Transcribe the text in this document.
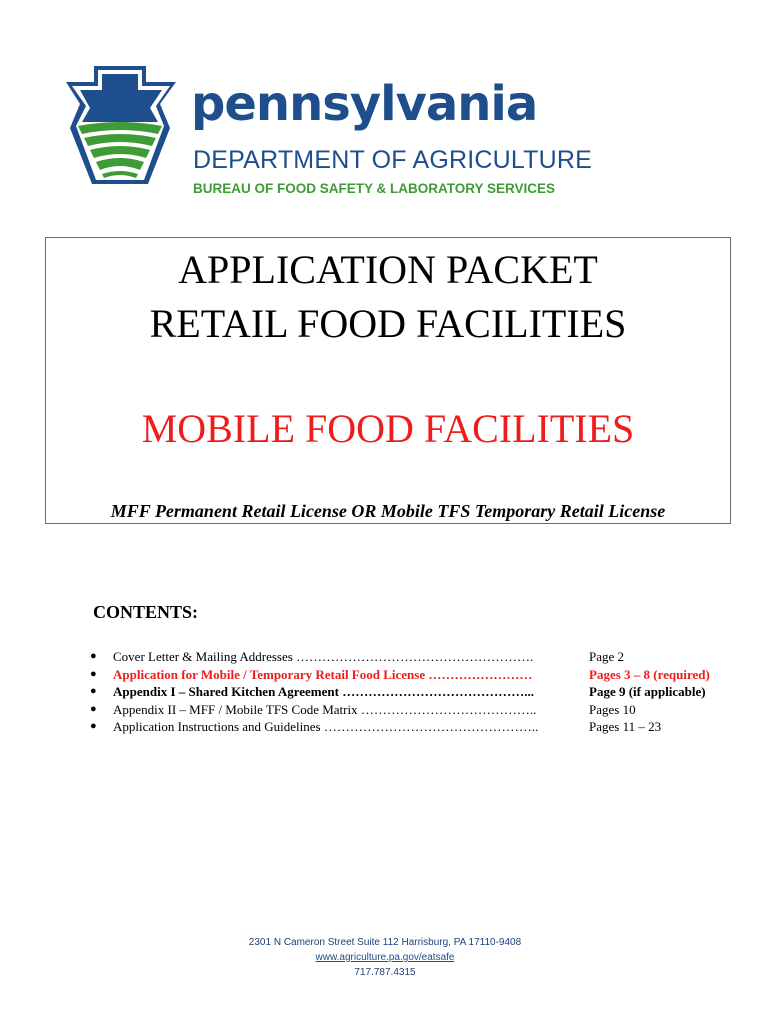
pennsylvania
DEPARTMENT OF AGRICULTURE
BUREAU OF FOOD SAFETY & LABORATORY SERVICES
APPLICATION PACKET
RETAIL FOOD FACILITIES
MOBILE FOOD FACILITIES
MFF Permanent Retail License OR Mobile TFS Temporary Retail License
CONTENTS:
● Cover Letter & Mailing Addresses ……………………………………………….	Page 2
● Application for Mobile / Temporary Retail Food License ……………………	Pages 3 – 8 (required)
● Appendix I – Shared Kitchen Agreement ……………………………………...	Page 9 (if applicable)
● Appendix II – MFF / Mobile TFS Code Matrix …………………………………..	Pages 10
● Application Instructions and Guidelines …………………………………………..	Pages 11 – 23
2301 N Cameron Street Suite 112 Harrisburg, PA 17110-9408
www.agriculture.pa.gov/eatsafe
717.787.4315
